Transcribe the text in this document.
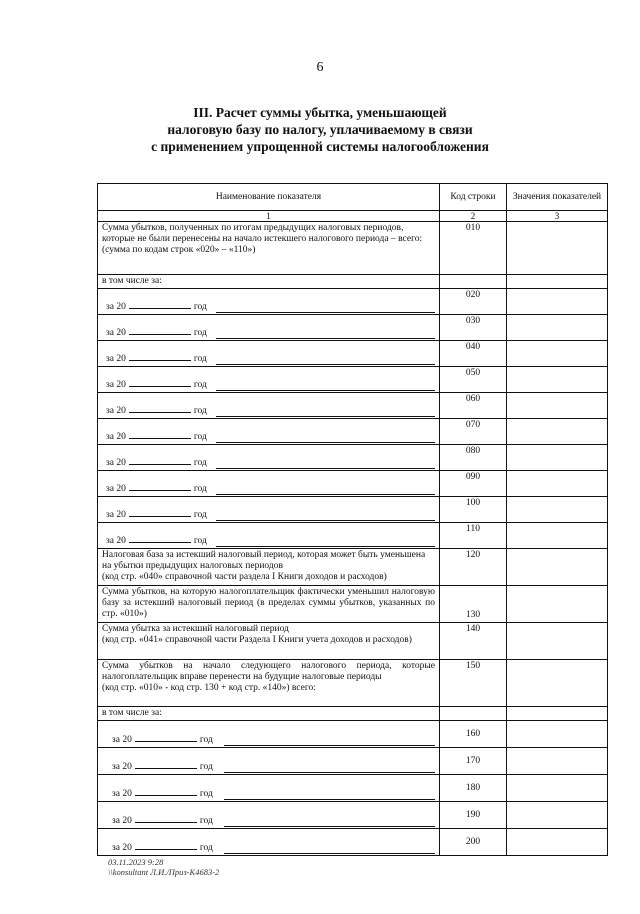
6
III. Расчет суммы убытка, уменьшающей
налоговую базу по налогу, уплачиваемому в связи
с применением упрощенной системы налогообложения
Наименование показателя	Код строки	Значения показателей
1	2	3

Сумма убытков, полученных по итогам предыдущих налоговых периодов, которые не были перенесены на начало истекшего налогового периода – всего:
(сумма по кодам строк «020» – «110»)	010	
в том числе за:		

за 20 год	020	

за 20 год	030	

за 20 год	040	

за 20 год	050	

за 20 год	060	

за 20 год	070	

за 20 год	080	

за 20 год	090	

за 20 год	100	

за 20 год	110	

Налоговая база за истекший налоговый период, которая может быть уменьшена на убытки предыдущих налоговых периодов
(код стр. «040» справочной части раздела I Книги доходов и расходов)	120	
Сумма убытков, на которую налогоплательщик фактически уменьшил налоговую базу за истекший налоговый период (в пределах суммы убытков, указанных по стр. «010»)	130	

Сумма убытка за истекший налоговый период
(код стр. «041» справочной части Раздела I Книги учета доходов и расходов)	140	

Сумма убытков на начало следующего налогового периода, которые налогоплательщик вправе перенести на будущие налоговые периоды
(код стр. «010» - код стр. 130 + код стр. «140») всего:	150	
в том числе за:		

за 20 год	160	

за 20 год	170	

за 20 год	180	

за 20 год	190	

за 20 год	200	
03.11.2023 9:28
\\konsultant Л.И./Приз-К4683-2
